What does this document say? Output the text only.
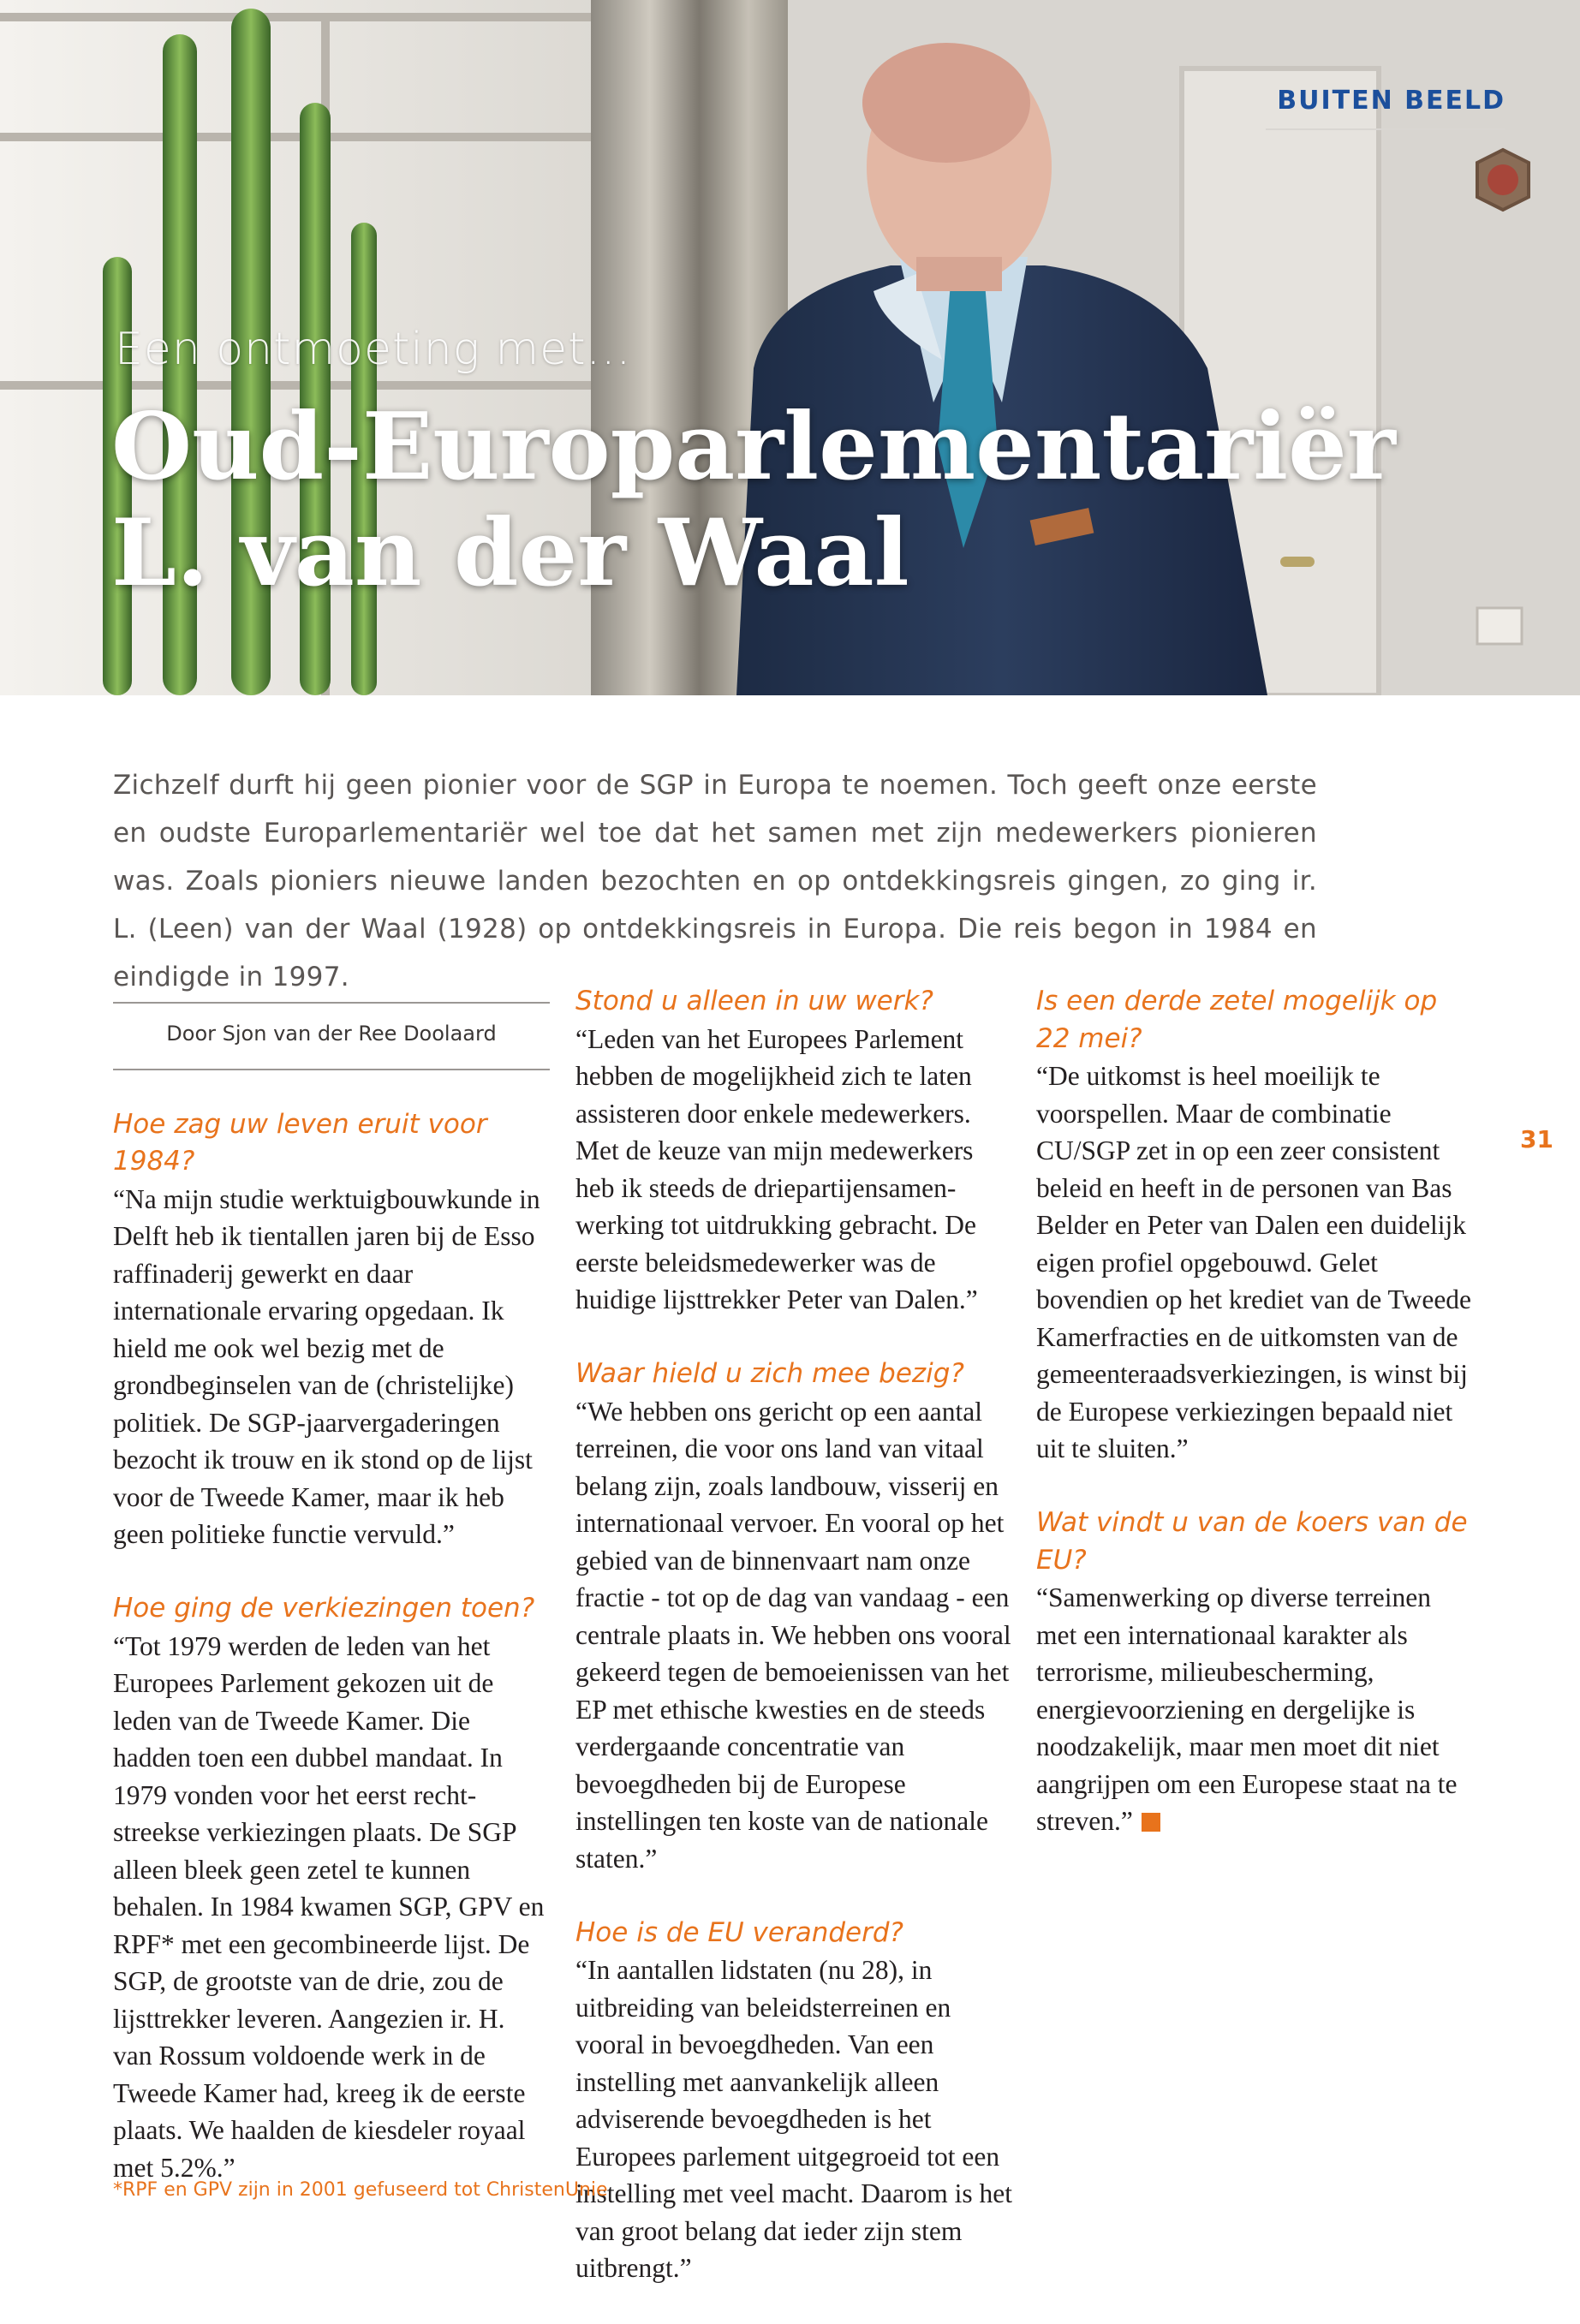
BUITEN BEELD
Een ontmoeting met...
Oud-Europarlementariër
L. van der Waal

Zichzelf durft hij geen pionier voor de SGP in Europa te noemen. Toch geeft onze eerste en oudste Europarlementariër wel toe dat het samen met zijn medewerkers pionieren was. Zoals pioniers nieuwe landen bezochten en op ontdekkingsreis gingen, zo ging ir. L. (Leen) van der Waal (1928) op ontdekkingsreis in Europa. Die reis begon in 1984 en eindigde in 1997.

Door Sjon van der Ree Doolaard

Hoe zag uw leven eruit voor 1984?

“Na mijn studie werktuigbouwkunde in Delft heb ik tientallen jaren bij de Esso raffinaderij gewerkt en daar internationale ervaring opgedaan. Ik hield me ook wel bezig met de grondbeginselen van de (christelijke) politiek. De SGP-jaarvergaderingen bezocht ik trouw en ik stond op de lijst voor de Tweede Kamer, maar ik heb geen politieke functie vervuld.”

Hoe ging de verkiezingen toen?

“Tot 1979 werden de leden van het Europees Parlement gekozen uit de leden van de Tweede Kamer. Die hadden toen een dubbel mandaat. In 1979 vonden voor het eerst rechtstreekse verkiezingen plaats. De SGP alleen bleek geen zetel te kunnen behalen. In 1984 kwamen SGP, GPV en RPF* met een gecombineerde lijst. De SGP, de grootste van de drie, zou de lijsttrekker leveren. Aangezien ir. H. van Rossum voldoende werk in de Tweede Kamer had, kreeg ik de eerste plaats. We haalden de kiesdeler royaal met 5.2%.”

Stond u alleen in uw werk?

“Leden van het Europees Parlement hebben de mogelijkheid zich te laten assisteren door enkele medewerkers. Met de keuze van mijn medewerkers heb ik steeds de driepartijensamenwerking tot uitdrukking gebracht. De eerste beleidsmedewerker was de huidige lijsttrekker Peter van Dalen.”

Waar hield u zich mee bezig?

“We hebben ons gericht op een aantal terreinen, die voor ons land van vitaal belang zijn, zoals landbouw, visserij en internationaal vervoer. En vooral op het gebied van de binnenvaart nam onze fractie - tot op de dag van vandaag - een centrale plaats in. We hebben ons vooral gekeerd tegen de bemoeienissen van het EP met ethische kwesties en de steeds verdergaande concentratie van bevoegdheden bij de Europese instellingen ten koste van de nationale staten.”

Hoe is de EU veranderd?

“In aantallen lidstaten (nu 28), in uitbreiding van beleidsterreinen en vooral in bevoegdheden. Van een instelling met aanvankelijk alleen adviserende bevoegdheden is het Europees parlement uitgegroeid tot een instelling met veel macht. Daarom is het van groot belang dat ieder zijn stem uitbrengt.”

Is een derde zetel mogelijk op 22 mei?

“De uitkomst is heel moeilijk te voorspellen. Maar de combinatie CU/SGP zet in op een zeer consistent beleid en heeft in de personen van Bas Belder en Peter van Dalen een duidelijk eigen profiel opgebouwd. Gelet bovendien op het krediet van de Tweede Kamerfracties en de uitkomsten van de gemeenteraadsverkiezingen, is winst bij de Europese verkiezingen bepaald niet uit te sluiten.”

Wat vindt u van de koers van de EU?

“Samenwerking op diverse terreinen met een internationaal karakter als terrorisme, milieubescherming, energievoorziening en dergelijke is noodzakelijk, maar men moet dit niet aangrijpen om een Europese staat na te streven.”

31
*RPF en GPV zijn in 2001 gefuseerd tot ChristenUnie
